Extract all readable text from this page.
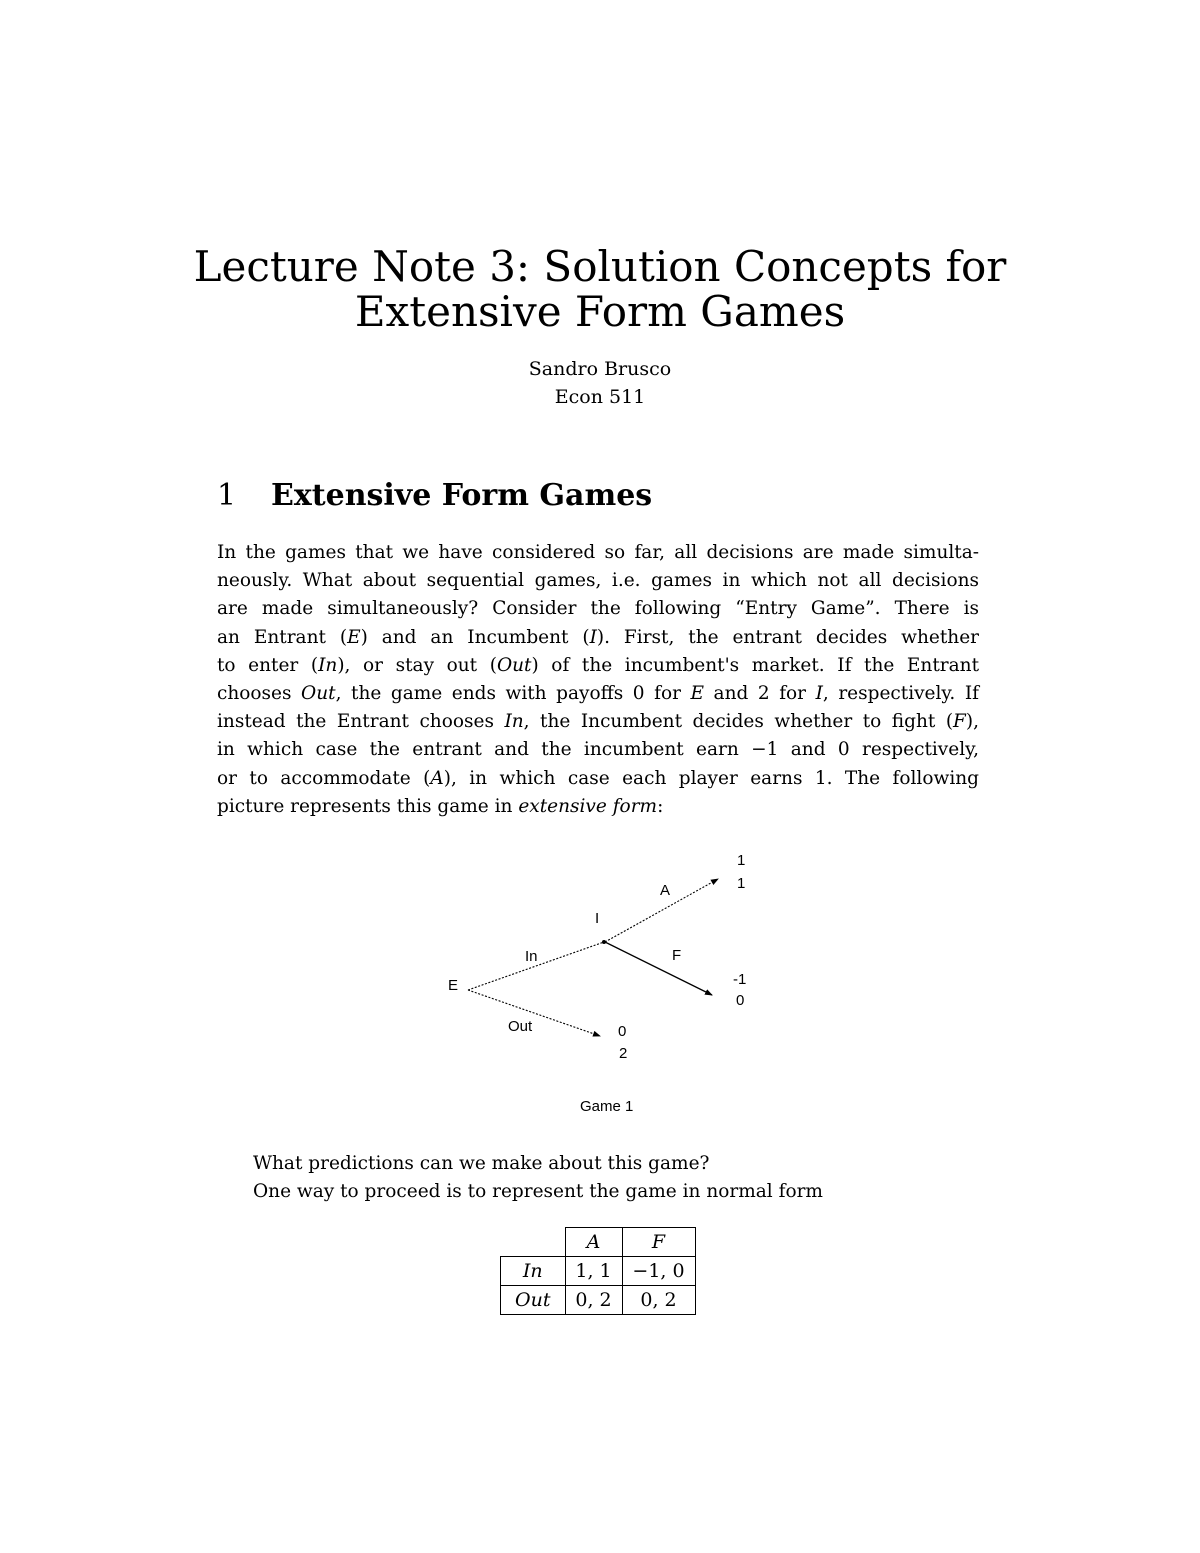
Lecture Note 3: Solution Concepts for
Extensive Form Games
Sandro Brusco
Econ 511
1 Extensive Form Games
In the games that we have considered so far, all decisions are made simulta-
neously. What about sequential games, i.e. games in which not all decisions
are made simultaneously? Consider the following “Entry Game”. There is
an Entrant (E) and an Incumbent (I). First, the entrant decides whether
to enter (In), or stay out (Out) of the incumbent's market. If the Entrant
chooses Out, the game ends with payoffs 0 for E and 2 for I, respectively. If
instead the Entrant chooses In, the Incumbent decides whether to fight (F),
in which case the entrant and the incumbent earn −1 and 0 respectively,
or to accommodate (A), in which case each player earns 1. The following
picture represents this game in extensive form:
E
I
In
Out
A
F
1
1
-1
0
0
2
Game 1
What predictions can we make about this game?
One way to proceed is to represent the game in normal form
	A	F
In	1, 1	−1, 0
Out	0, 2	0, 2
